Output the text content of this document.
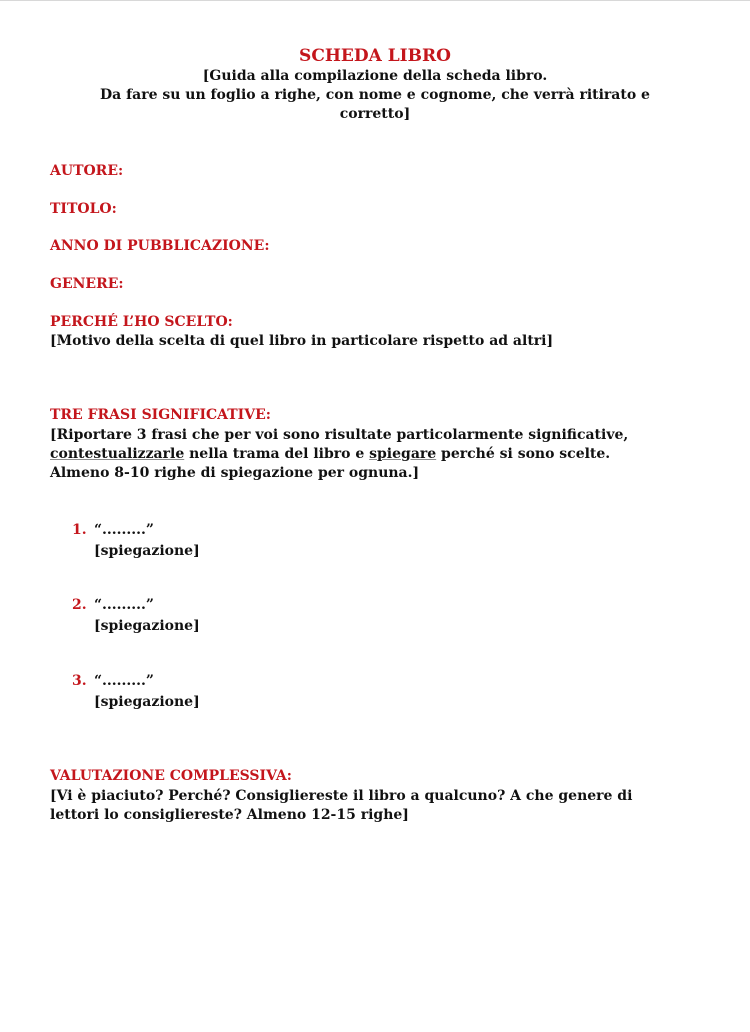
SCHEDA LIBRO
[Guida alla compilazione della scheda libro.
Da fare su un foglio a righe, con nome e cognome, che verrà ritirato e
corretto]
AUTORE:
TITOLO:
ANNO DI PUBBLICAZIONE:
GENERE:
PERCHÉ L’HO SCELTO:
[Motivo della scelta di quel libro in particolare rispetto ad altri]
TRE FRASI SIGNIFICATIVE:
[Riportare 3 frasi che per voi sono risultate particolarmente significative,
contestualizzarle nella trama del libro e spiegare perché si sono scelte.
Almeno 8-10 righe di spiegazione per ognuna.]
1. “.........”
[spiegazione]
2. “.........”
[spiegazione]
3. “.........”
[spiegazione]
VALUTAZIONE COMPLESSIVA:
[Vi è piaciuto? Perché? Consigliereste il libro a qualcuno? A che genere di
lettori lo consigliereste? Almeno 12-15 righe]
